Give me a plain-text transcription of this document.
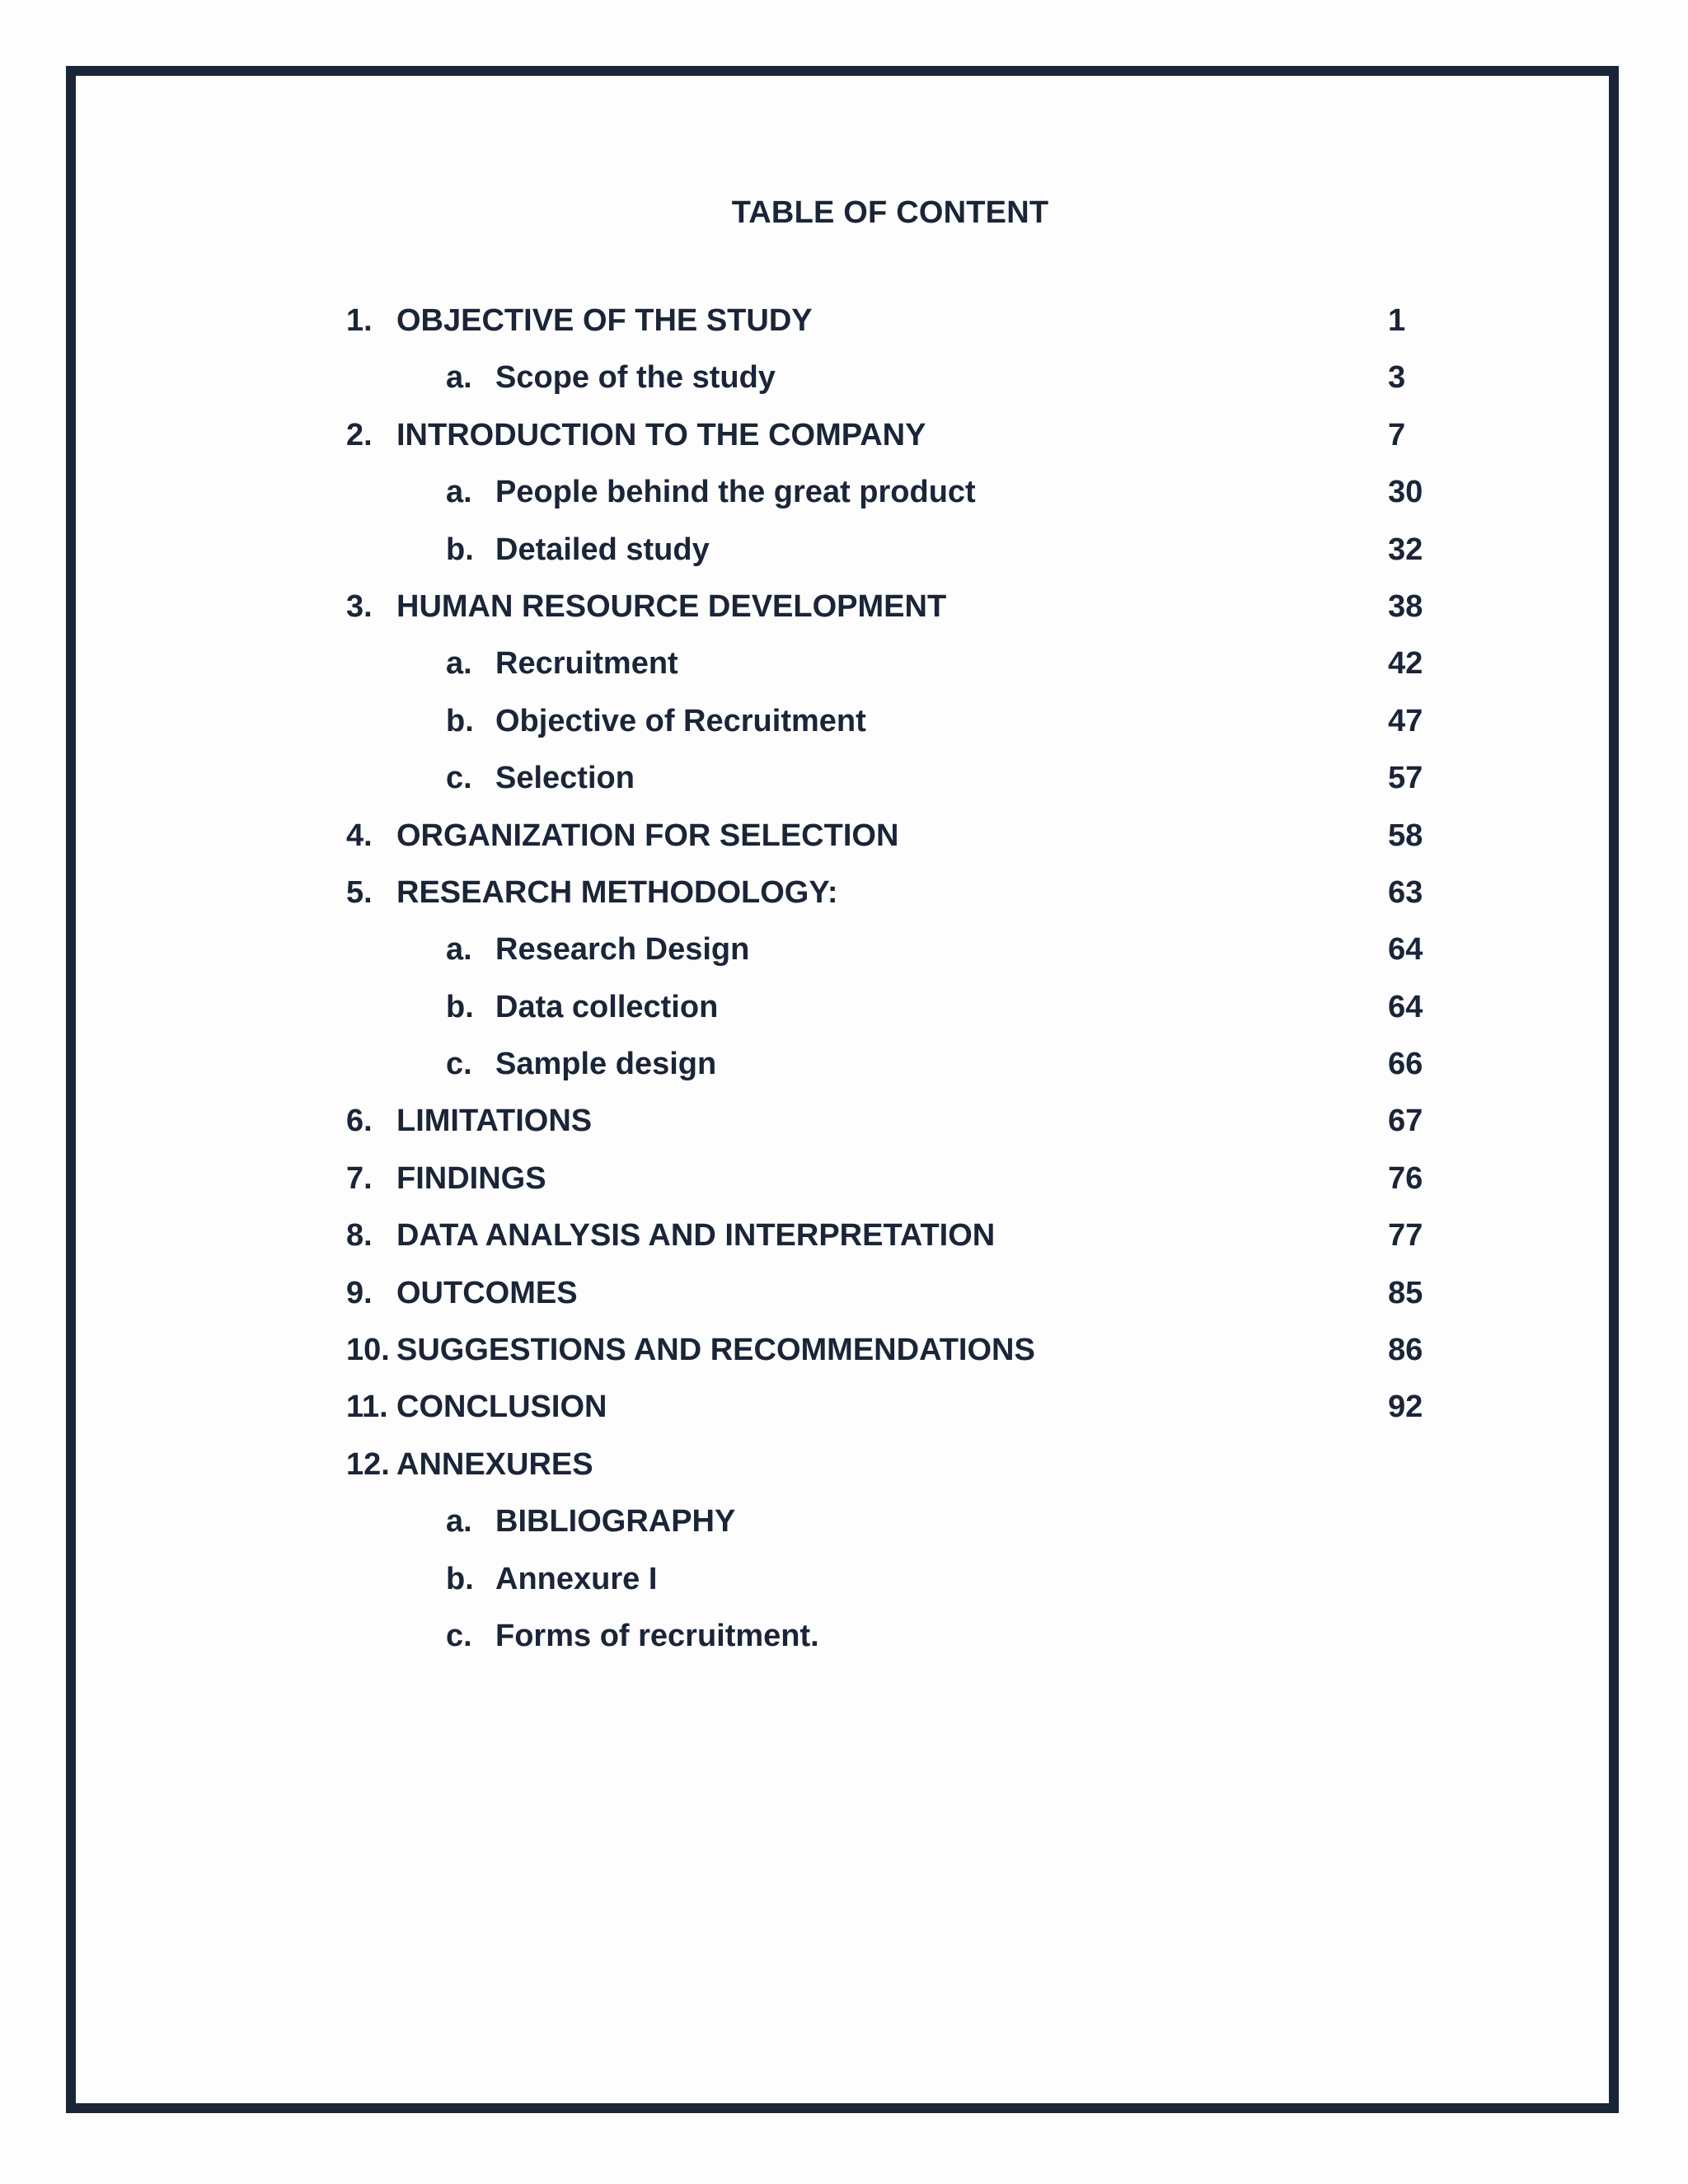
TABLE OF CONTENT
1. OBJECTIVE OF THE STUDY	1
a. Scope of the study	3
2. INTRODUCTION TO THE COMPANY	7
a. People behind the great product	30
b. Detailed study	32
3. HUMAN RESOURCE DEVELOPMENT	38
a. Recruitment	42
b. Objective of Recruitment	47
c. Selection	57
4. ORGANIZATION FOR SELECTION	58
5. RESEARCH METHODOLOGY:	63
a. Research Design	64
b. Data collection	64
c. Sample design	66
6. LIMITATIONS	67
7. FINDINGS	76
8. DATA ANALYSIS AND INTERPRETATION	77
9. OUTCOMES	85
10. SUGGESTIONS AND RECOMMENDATIONS	86
11. CONCLUSION	92
12. ANNEXURES
a. BIBLIOGRAPHY
b. Annexure I
c. Forms of recruitment.
